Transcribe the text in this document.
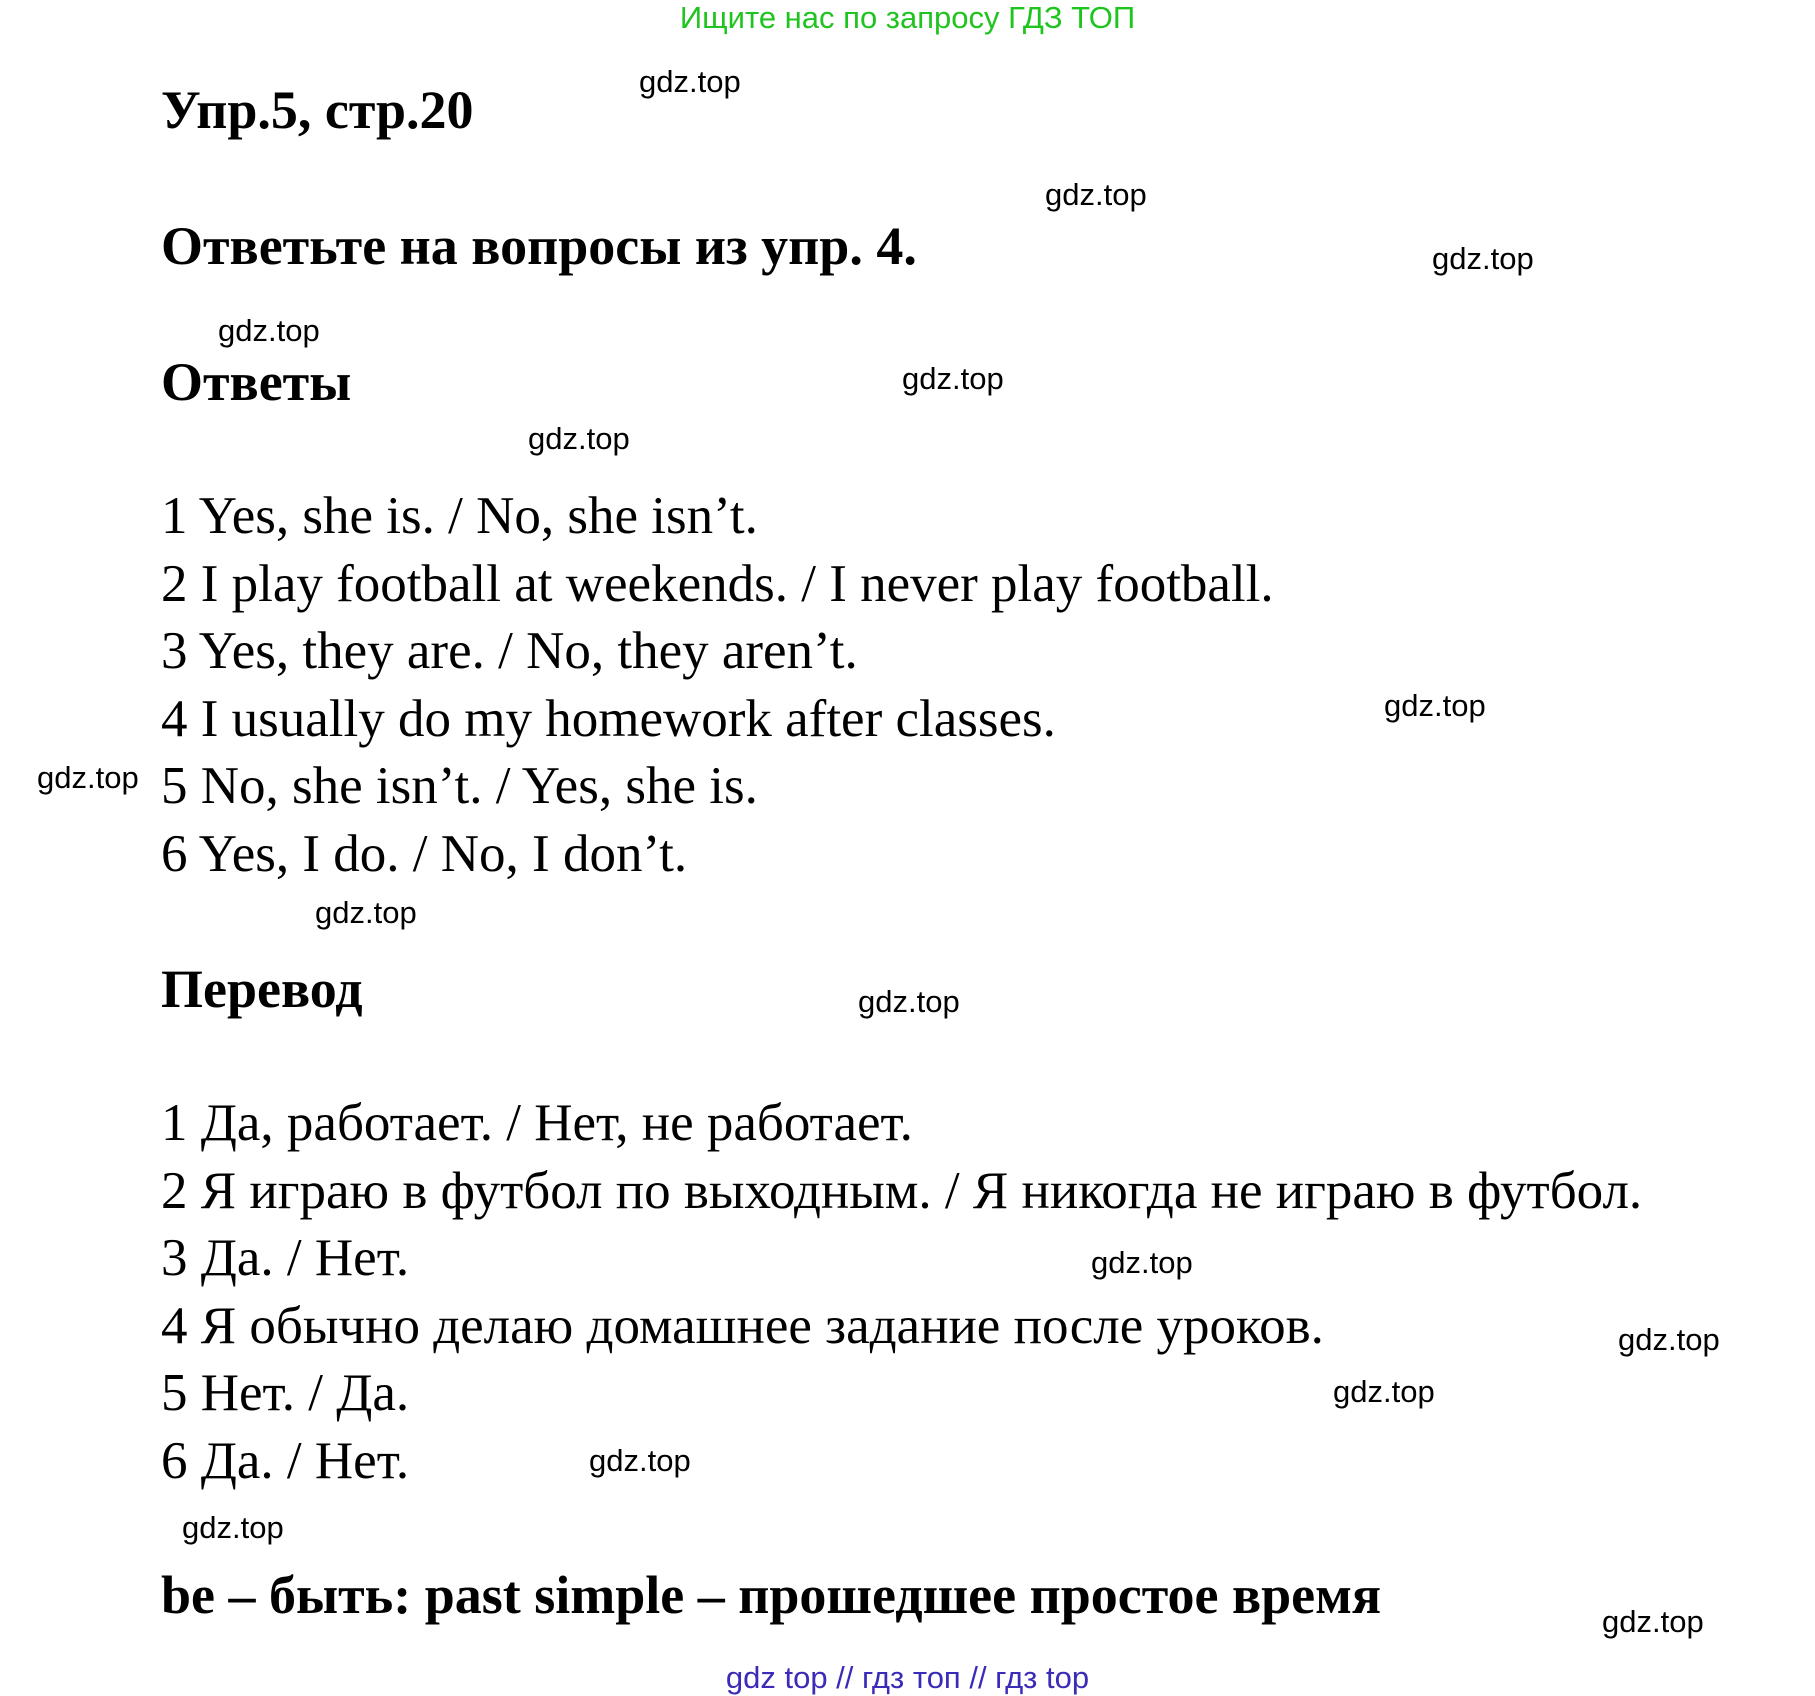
Ищите нас по запросу ГДЗ ТОП
Упр.5, стр.20
Ответьте на вопросы из упр. 4.
Ответы
1 Yes, she is. / No, she isn’t.
2 I play football at weekends. / I never play football.
3 Yes, they are. / No, they aren’t.
4 I usually do my homework after classes.
5 No, she isn’t. / Yes, she is.
6 Yes, I do. / No, I don’t.
Перевод
1 Да, работает. / Нет, не работает.
2 Я играю в футбол по выходным. / Я никогда не играю в футбол.
3 Да. / Нет.
4 Я обычно делаю домашнее задание после уроков.
5 Нет. / Да.
6 Да. / Нет.
be – быть: past simple – прошедшее простое время
gdz.top
gdz.top
gdz.top
gdz.top
gdz.top
gdz.top
gdz.top
gdz.top
gdz.top
gdz.top
gdz.top
gdz.top
gdz.top
gdz.top
gdz.top
gdz.top
gdz top // гдз топ // гдз top
